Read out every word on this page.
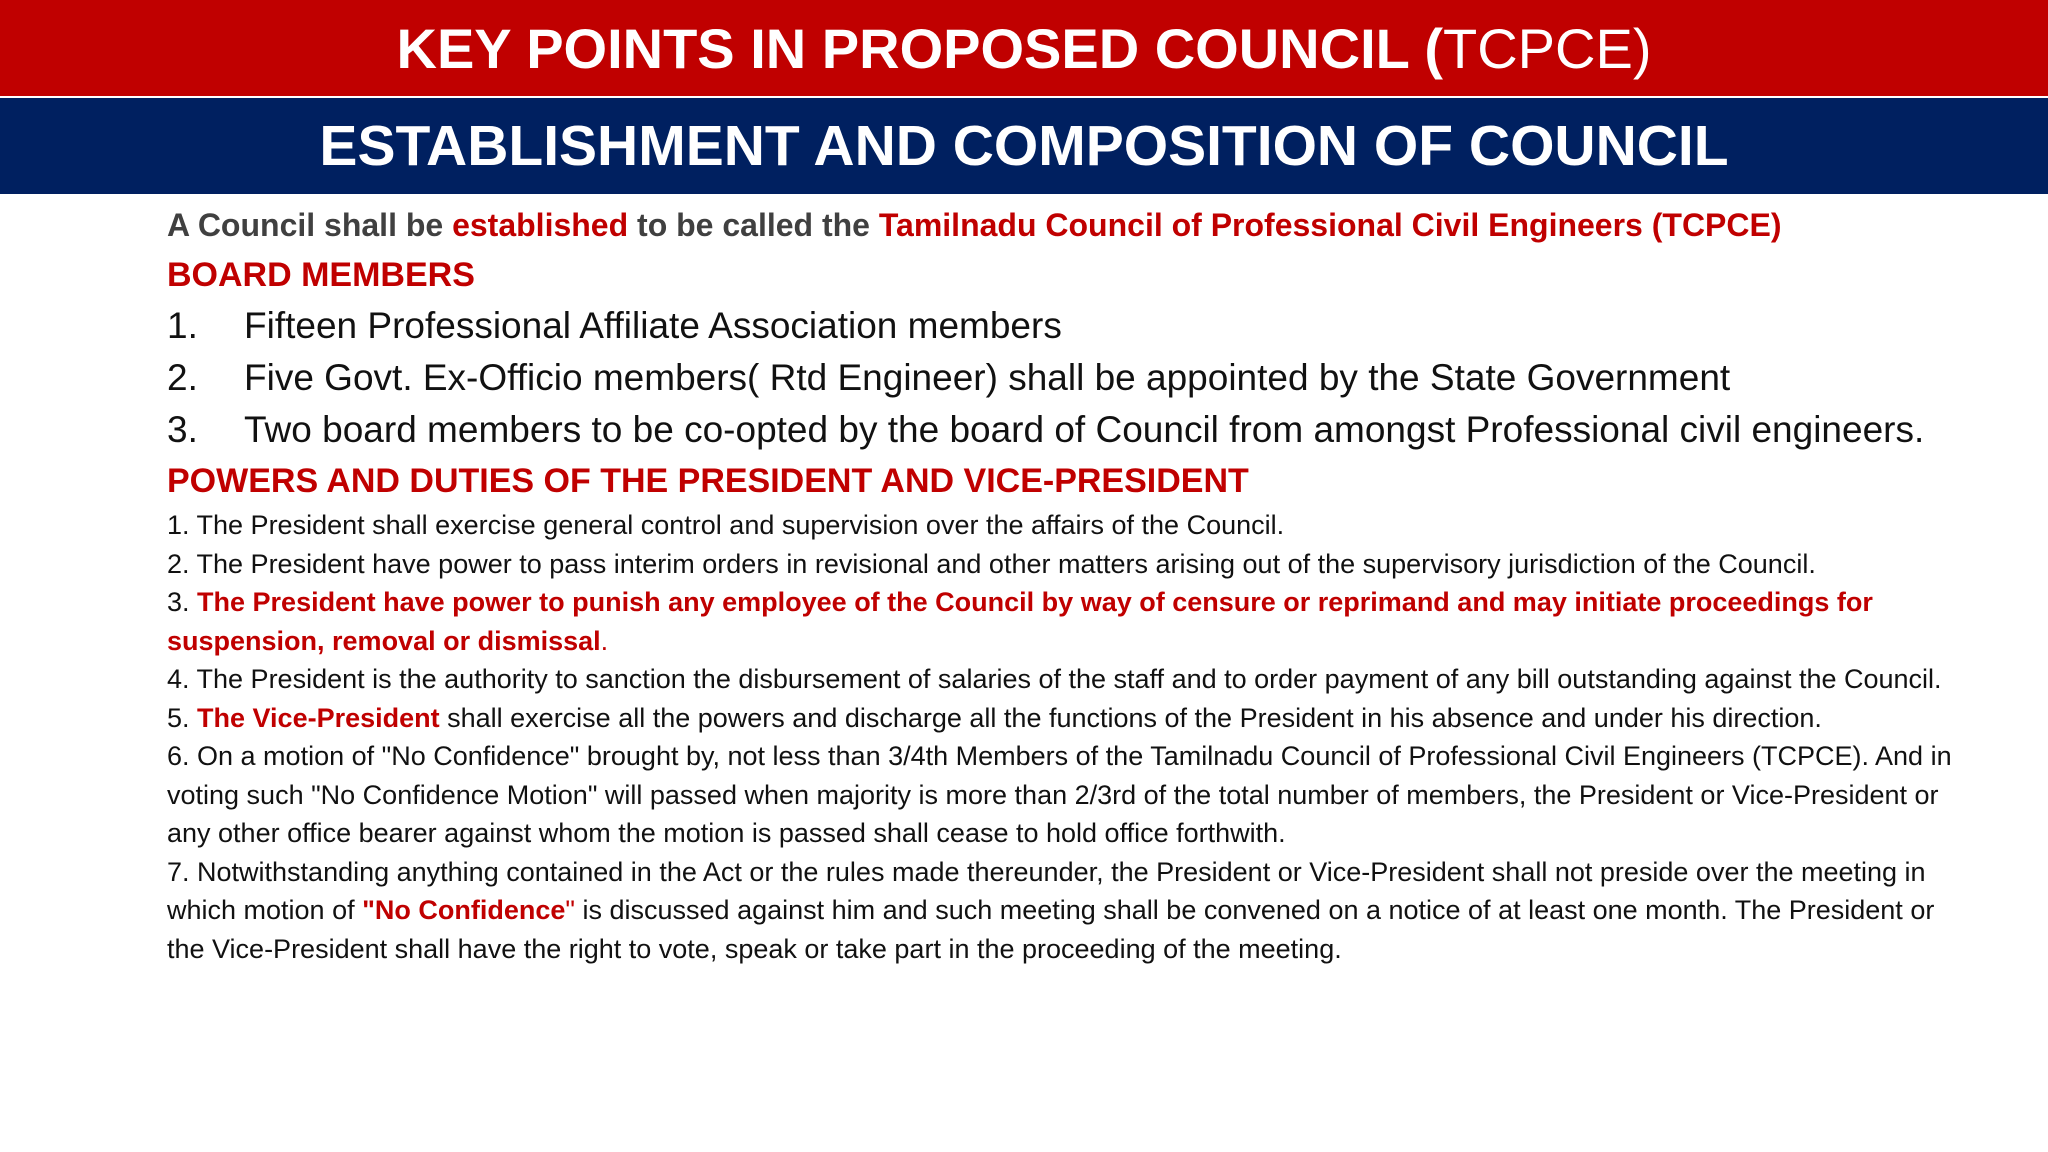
KEY POINTS IN PROPOSED COUNCIL ( TCPCE)
ESTABLISHMENT AND COMPOSITION OF COUNCIL
A Council shall be established to be called the Tamilnadu Council of Professional Civil Engineers (TCPCE)
BOARD MEMBERS
1.	Fifteen Professional Affiliate Association members
2.	Five Govt. Ex-Officio members( Rtd Engineer) shall be appointed by the State Government
3.	Two board members to be co-opted by the board of Council from amongst Professional civil engineers.
POWERS AND DUTIES OF THE PRESIDENT AND VICE-PRESIDENT

1. The President shall exercise general control and supervision over the affairs of the Council.

2. The President have power to pass interim orders in revisional and other matters arising out of the supervisory jurisdiction of the Council.

3. The President have power to punish any employee of the Council by way of censure or reprimand and may initiate proceedings for suspension, removal or dismissal.

4. The President is the authority to sanction the disbursement of salaries of the staff and to order payment of any bill outstanding against the Council.

5. The Vice-President shall exercise all the powers and discharge all the functions of the President in his absence and under his direction.

6. On a motion of "No Confidence" brought by, not less than 3/4th Members of the Tamilnadu Council of Professional Civil Engineers (TCPCE). And in voting such "No Confidence Motion" will passed when majority is more than 2/3rd of the total number of members, the President or Vice-President or any other office bearer against whom the motion is passed shall cease to hold office forthwith.

7. Notwithstanding anything contained in the Act or the rules made thereunder, the President or Vice-President shall not preside over the meeting in which motion of "No Confidence" is discussed against him and such meeting shall be convened on a notice of at least one month. The President or the Vice-President shall have the right to vote, speak or take part in the proceeding of the meeting.
